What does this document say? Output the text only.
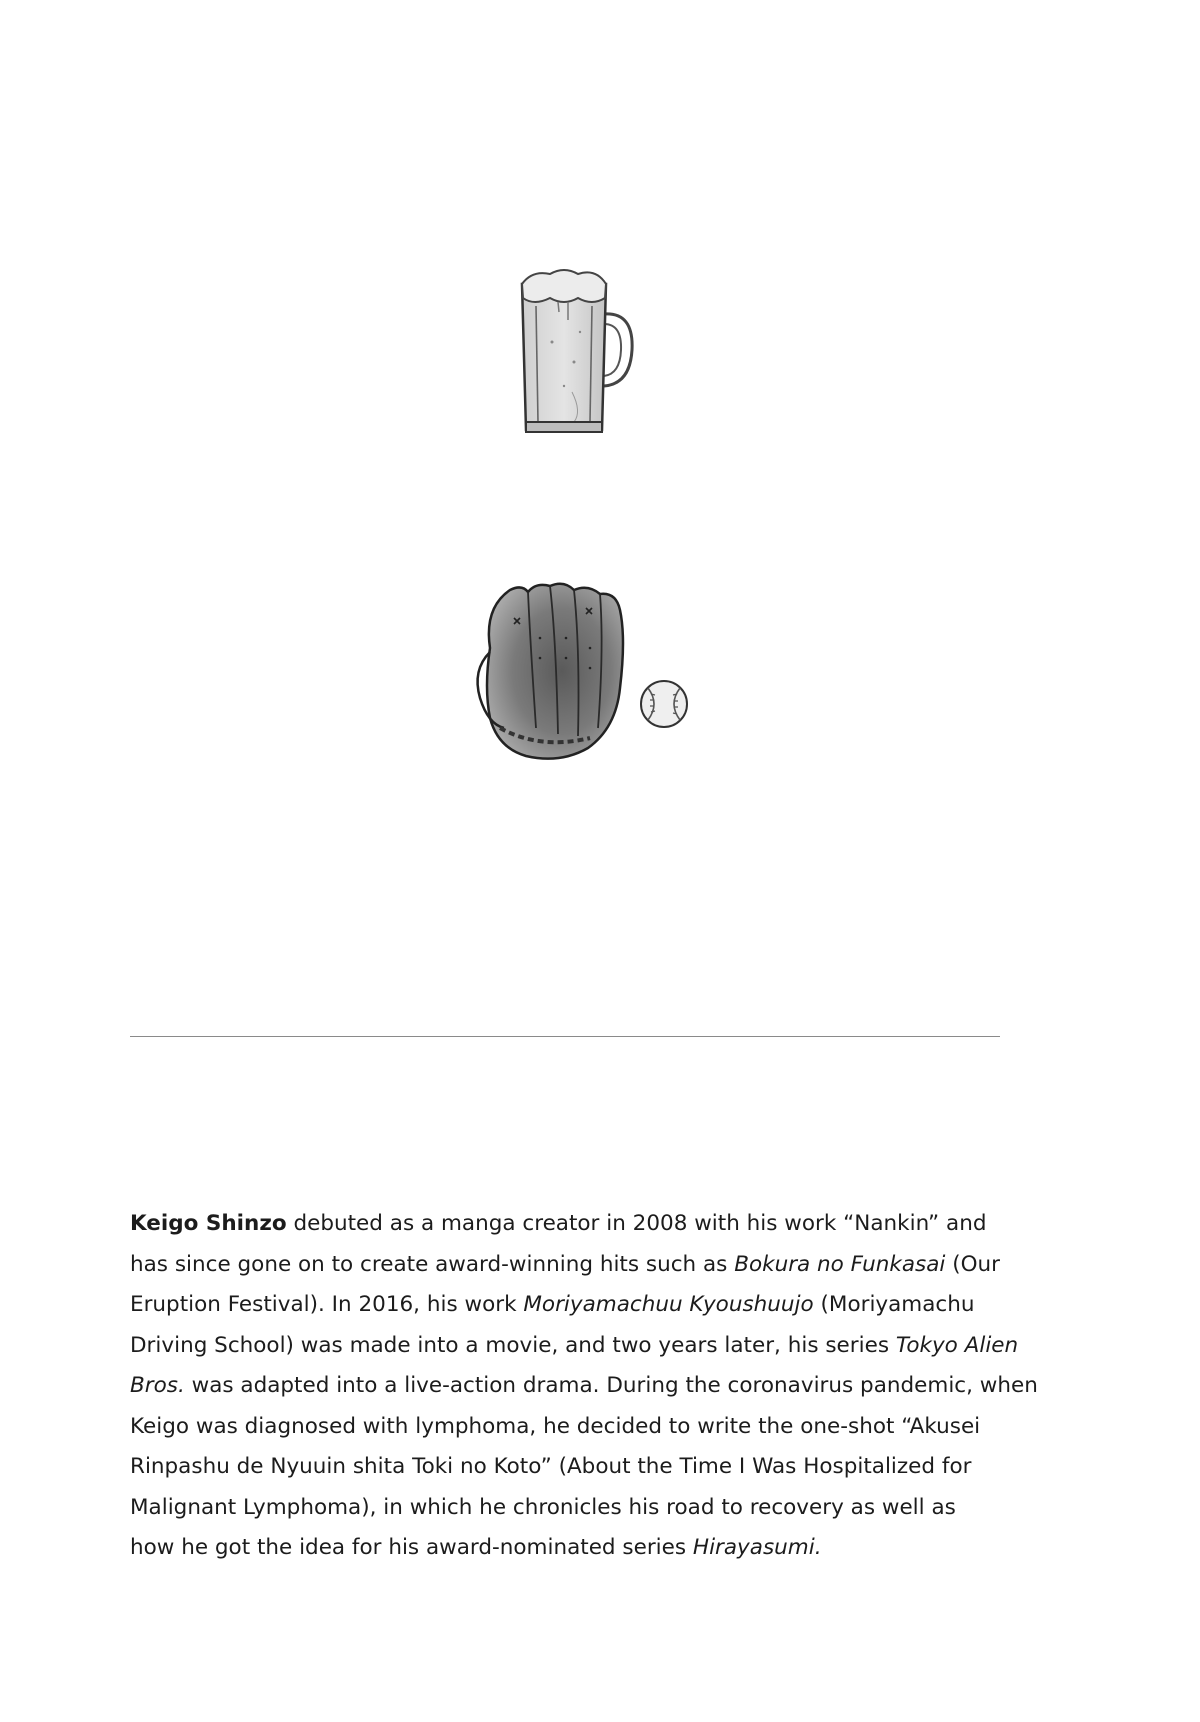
Keigo Shinzo debuted as a manga creator in 2008 with his work “Nankin” and
has since gone on to create award-winning hits such as Bokura no Funkasai (Our
Eruption Festival). In 2016, his work Moriyamachuu Kyoushuujo (Moriyamachu
Driving School) was made into a movie, and two years later, his series Tokyo Alien
Bros. was adapted into a live-action drama. During the coronavirus pandemic, when
Keigo was diagnosed with lymphoma, he decided to write the one-shot “Akusei
Rinpashu de Nyuuin shita Toki no Koto” (About the Time I Was Hospitalized for
Malignant Lymphoma), in which he chronicles his road to recovery as well as
how he got the idea for his award-nominated series Hirayasumi.
